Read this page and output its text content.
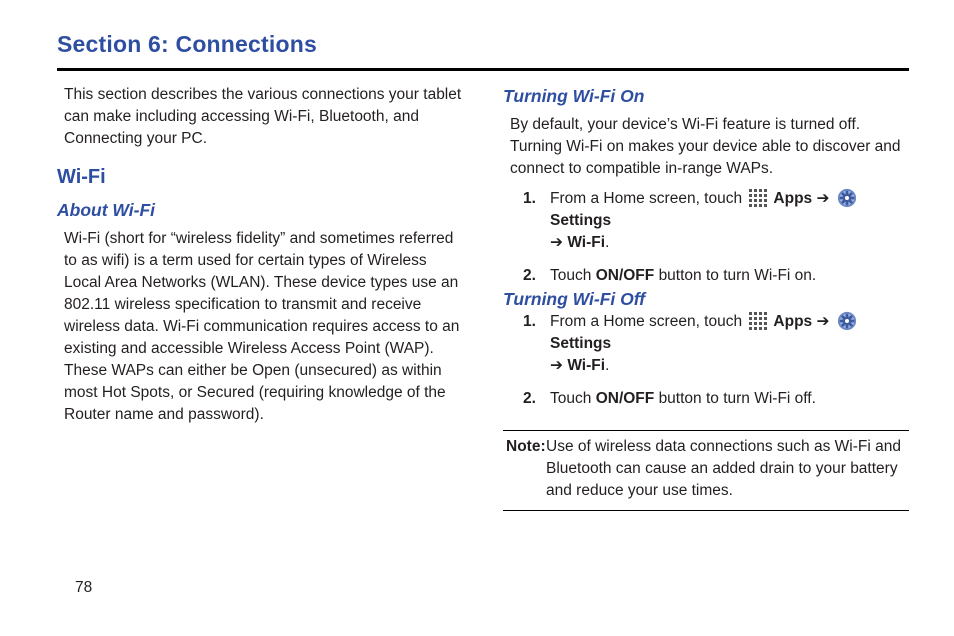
Section 6: Connections

This section describes the various connections your tablet can make including accessing Wi-Fi, Bluetooth, and Connecting your PC.

Wi-Fi
About Wi-Fi

Wi-Fi (short for “wireless fidelity” and sometimes referred to as wifi) is a term used for certain types of Wireless Local Area Networks (WLAN). These device types use an 802.11 wireless specification to transmit and receive wireless data. Wi-Fi communication requires access to an existing and accessible Wireless Access Point (WAP). These WAPs can either be Open (unsecured) as within most Hot Spots, or Secured (requiring knowledge of the Router name and password).

Turning Wi-Fi On

By default, your device’s Wi-Fi feature is turned off. Turning Wi-Fi on makes your device able to discover and connect to compatible in-range WAPs.

1. From a Home screen, touch Apps ➔ Settings
➔ Wi-Fi.
2. Touch ON/OFF button to turn Wi-Fi on.
Turning Wi-Fi Off
1. From a Home screen, touch Apps ➔ Settings
➔ Wi-Fi.
2. Touch ON/OFF button to turn Wi-Fi off.
Note: Use of wireless data connections such as Wi-Fi and Bluetooth can cause an added drain to your battery and reduce your use times.
78
